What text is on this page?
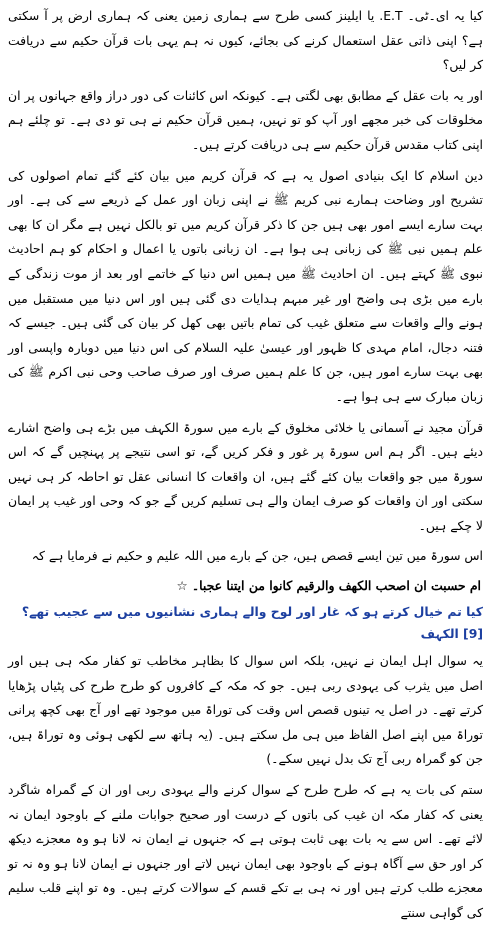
کیا یہ ای۔ٹی۔ E.T. یا ایلینز کسی طرح سے ہماری زمین یعنی کہ ہماری ارض پر آ سکتی ہے؟ اپنی ذاتی عقل استعمال کرنے کی بجائے، کیوں نہ ہم یہی بات قرآن حکیم سے دریافت کر لیں؟

اور یہ بات عقل کے مطابق بھی لگتی ہے۔ کیونکہ اس کائنات کی دور دراز واقع جہانوں پر ان مخلوقات کی خبر مجھے اور آپ کو تو نہیں، ہمیں قرآن حکیم نے ہی تو دی ہے۔ تو چلئے ہم اپنی کتاب مقدس قرآن حکیم سے ہی دریافت کرتے ہیں۔

دین اسلام کا ایک بنیادی اصول یہ ہے کہ قرآن کریم میں بیان کئے گئے تمام اصولوں کی تشریح اور وضاحت ہمارے نبی کریم ﷺ نے اپنی زبان اور عمل کے ذریعے سے کی ہے۔ اور بہت سارے ایسے امور بھی ہیں جن کا ذکر قرآن کریم میں تو بالکل نہیں ہے مگر ان کا بھی علم ہمیں نبی ﷺ کی زبانی ہی ہوا ہے۔ ان زبانی باتوں یا اعمال و احکام کو ہم احادیث نبوی ﷺ کہتے ہیں۔ ان احادیث ﷺ میں ہمیں اس دنیا کے خاتمے اور بعد از موت زندگی کے بارے میں بڑی ہی واضح اور غیر مبہم ہدایات دی گئی ہیں اور اس دنیا میں مستقبل میں ہونے والے واقعات سے متعلق غیب کی تمام باتیں بھی کھل کر بیان کی گئی ہیں۔ جیسے کہ فتنہ دجال، امام مہدی کا ظہور اور عیسیٰ علیہ السلام کی اس دنیا میں دوبارہ واپسی اور بھی بہت سارے امور ہیں، جن کا علم ہمیں صرف اور صرف صاحب وحی نبی اکرم ﷺ کی زبان مبارک سے ہی ہوا ہے۔

قرآن مجید نے آسمانی یا خلائی مخلوق کے بارے میں سورۃ الکہف میں بڑے ہی واضح اشارے دیئے ہیں۔ اگر ہم اس سورۃ پر غور و فکر کریں گے، تو اسی نتیجے پر پہنچیں گے کہ اس سورۃ میں جو واقعات بیان کئے گئے ہیں، ان واقعات کا انسانی عقل تو احاطہ کر ہی نہیں سکتی اور ان واقعات کو صرف ایمان والے ہی تسلیم کریں گے جو کہ وحی اور غیب پر ایمان لا چکے ہیں۔

اس سورۃ میں تین ایسے قصص ہیں، جن کے بارے میں اللہ علیم و حکیم نے فرمایا ہے کہ

ام حسبت ان اصحب الکھف والرقیم کانوا من ایتنا عجبا۔ ☆

کیا تم خیال کرتے ہو کہ غار اور لوح والے ہماری نشانیوں میں سے عجیب تھے؟ [9] الکہف

یہ سوال اہل ایمان نے نہیں، بلکہ اس سوال کا بظاہر مخاطب تو کفار مکہ ہی ہیں اور اصل میں یثرب کی یہودی ربی ہیں۔ جو کہ مکہ کے کافروں کو طرح طرح کی پٹیاں پڑھایا کرتے تھے۔ در اصل یہ تینوں قصص اس وقت کی توراۃ میں موجود تھے اور آج بھی کچھ پرانی توراۃ میں اپنے اصل الفاظ میں ہی مل سکتے ہیں۔ (یہ ہاتھ سے لکھی ہوئی وہ توراۃ ہیں، جن کو گمراہ ربی آج تک بدل نہیں سکے۔)

ستم کی بات یہ ہے کہ طرح طرح کے سوال کرنے والے یہودی ربی اور ان کے گمراہ شاگرد یعنی کہ کفار مکہ ان غیب کی باتوں کے درست اور صحیح جوابات ملنے کے باوجود ایمان نہ لائے تھے۔ اس سے یہ بات بھی ثابت ہوتی ہے کہ جنہوں نے ایمان نہ لانا ہو وہ معجزے دیکھ کر اور حق سے آگاہ ہونے کے باوجود بھی ایمان نہیں لاتے اور جنہوں نے ایمان لانا ہو وہ نہ تو معجزے طلب کرتے ہیں اور نہ ہی بے تکے قسم کے سوالات کرتے ہیں۔ وہ تو اپنے قلب سلیم کی گواہی سنتے
